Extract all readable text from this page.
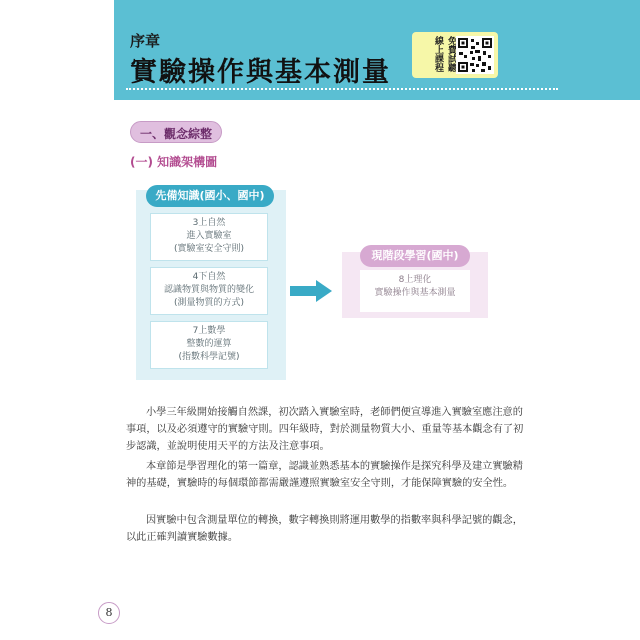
序章
實驗操作與基本測量
免費試聽
線上課程
一、觀念綜整
(一) 知識架構圖
先備知識(國小、國中)
3上自然
進入實驗室
(實驗室安全守則)
4下自然
認識物質與物質的變化
(測量物質的方式)
7上數學
整數的運算
(指數科學記號)
現階段學習(國中)
8上理化
實驗操作與基本測量

小學三年級開始接觸自然課，初次踏入實驗室時，老師們便宣導進入實驗室應注意的事項，以及必須遵守的實驗守則。四年級時，對於測量物質大小、重量等基本觀念有了初步認識，並說明使用天平的方法及注意事項。

本章節是學習理化的第一篇章，認識並熟悉基本的實驗操作是探究科學及建立實驗精神的基礎，實驗時的每個環節都需嚴謹遵照實驗室安全守則，才能保障實驗的安全性。

因實驗中包含測量單位的轉換，數字轉換則將運用數學的指數率與科學記號的觀念，以此正確判讀實驗數據。

8
